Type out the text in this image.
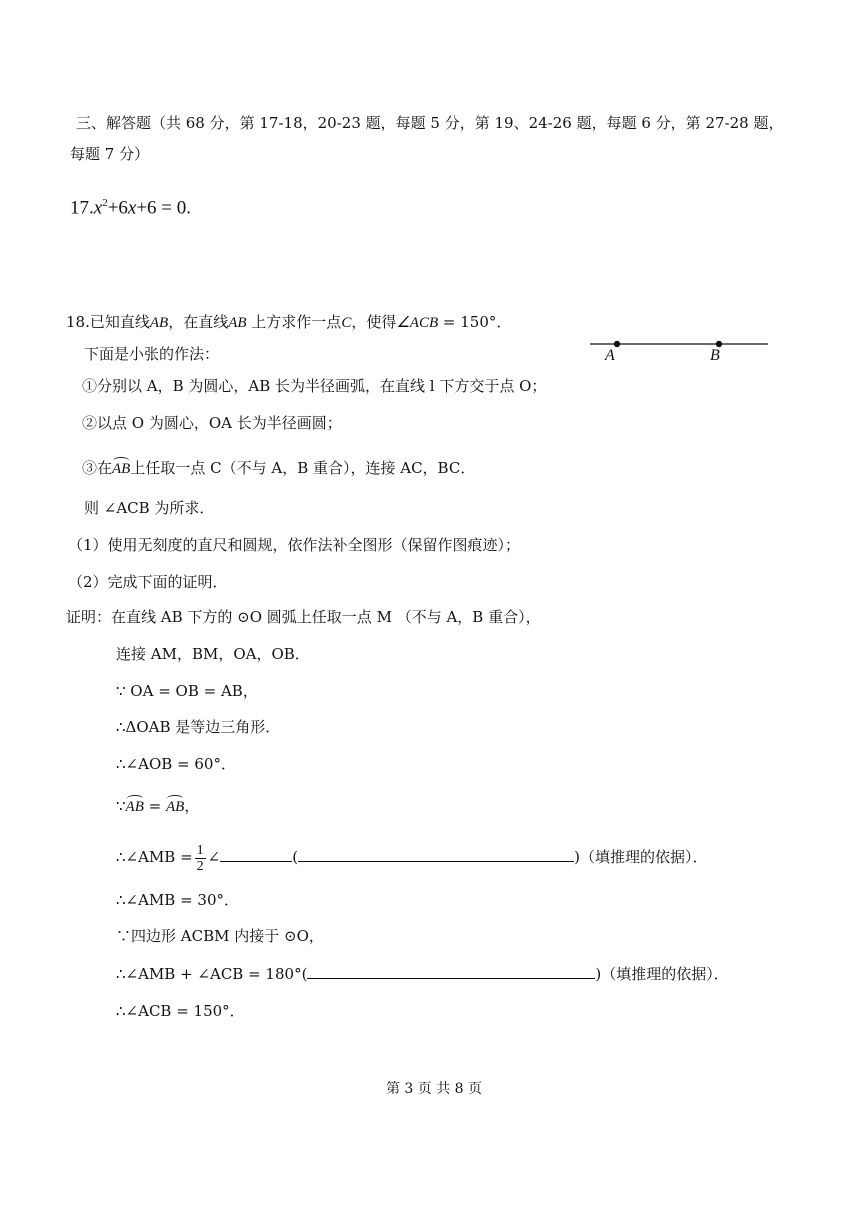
三、解答题（共 68 分，第 17-18，20-23 题，每题 5 分，第 19、24-26 题，每题 6 分，第 27-28 题，
每题 7 分）
$17.x^2+6x+6 = 0$.
18.已知直线AB，在直线AB 上方求作一点C，使得∠ACB = 150°．
下面是小张的作法：	A	B
①分别以 A，B 为圆心，AB 长为半径画弧，在直线 l 下方交于点 O；
②以点 O 为圆心，OA 长为半径画圆；
③在AB上任取一点 C（不与 A，B 重合），连接 AC，BC．
则 ∠ACB 为所求．
（1）使用无刻度的直尺和圆规，依作法补全图形（保留作图痕迹）；
（2）完成下面的证明．
证明：在直线 AB 下方的 ⊙O 圆弧上任取一点 M （不与 A，B 重合），
连接 AM，BM，OA，OB．
∵ OA = OB = AB，
∴ΔOAB 是等边三角形．
∴∠AOB = 60°．
∵AB = AB，
∴∠AMB = $\frac{1}{2}$ ∠	(	)（填推理的依据）．
∴∠AMB = 30°．
∵四边形 ACBM 内接于 ⊙O，
∴∠AMB + ∠ACB = 180°(	)（填推理的依据）．
∴∠ACB = 150°．
第 3 页 共 8 页
